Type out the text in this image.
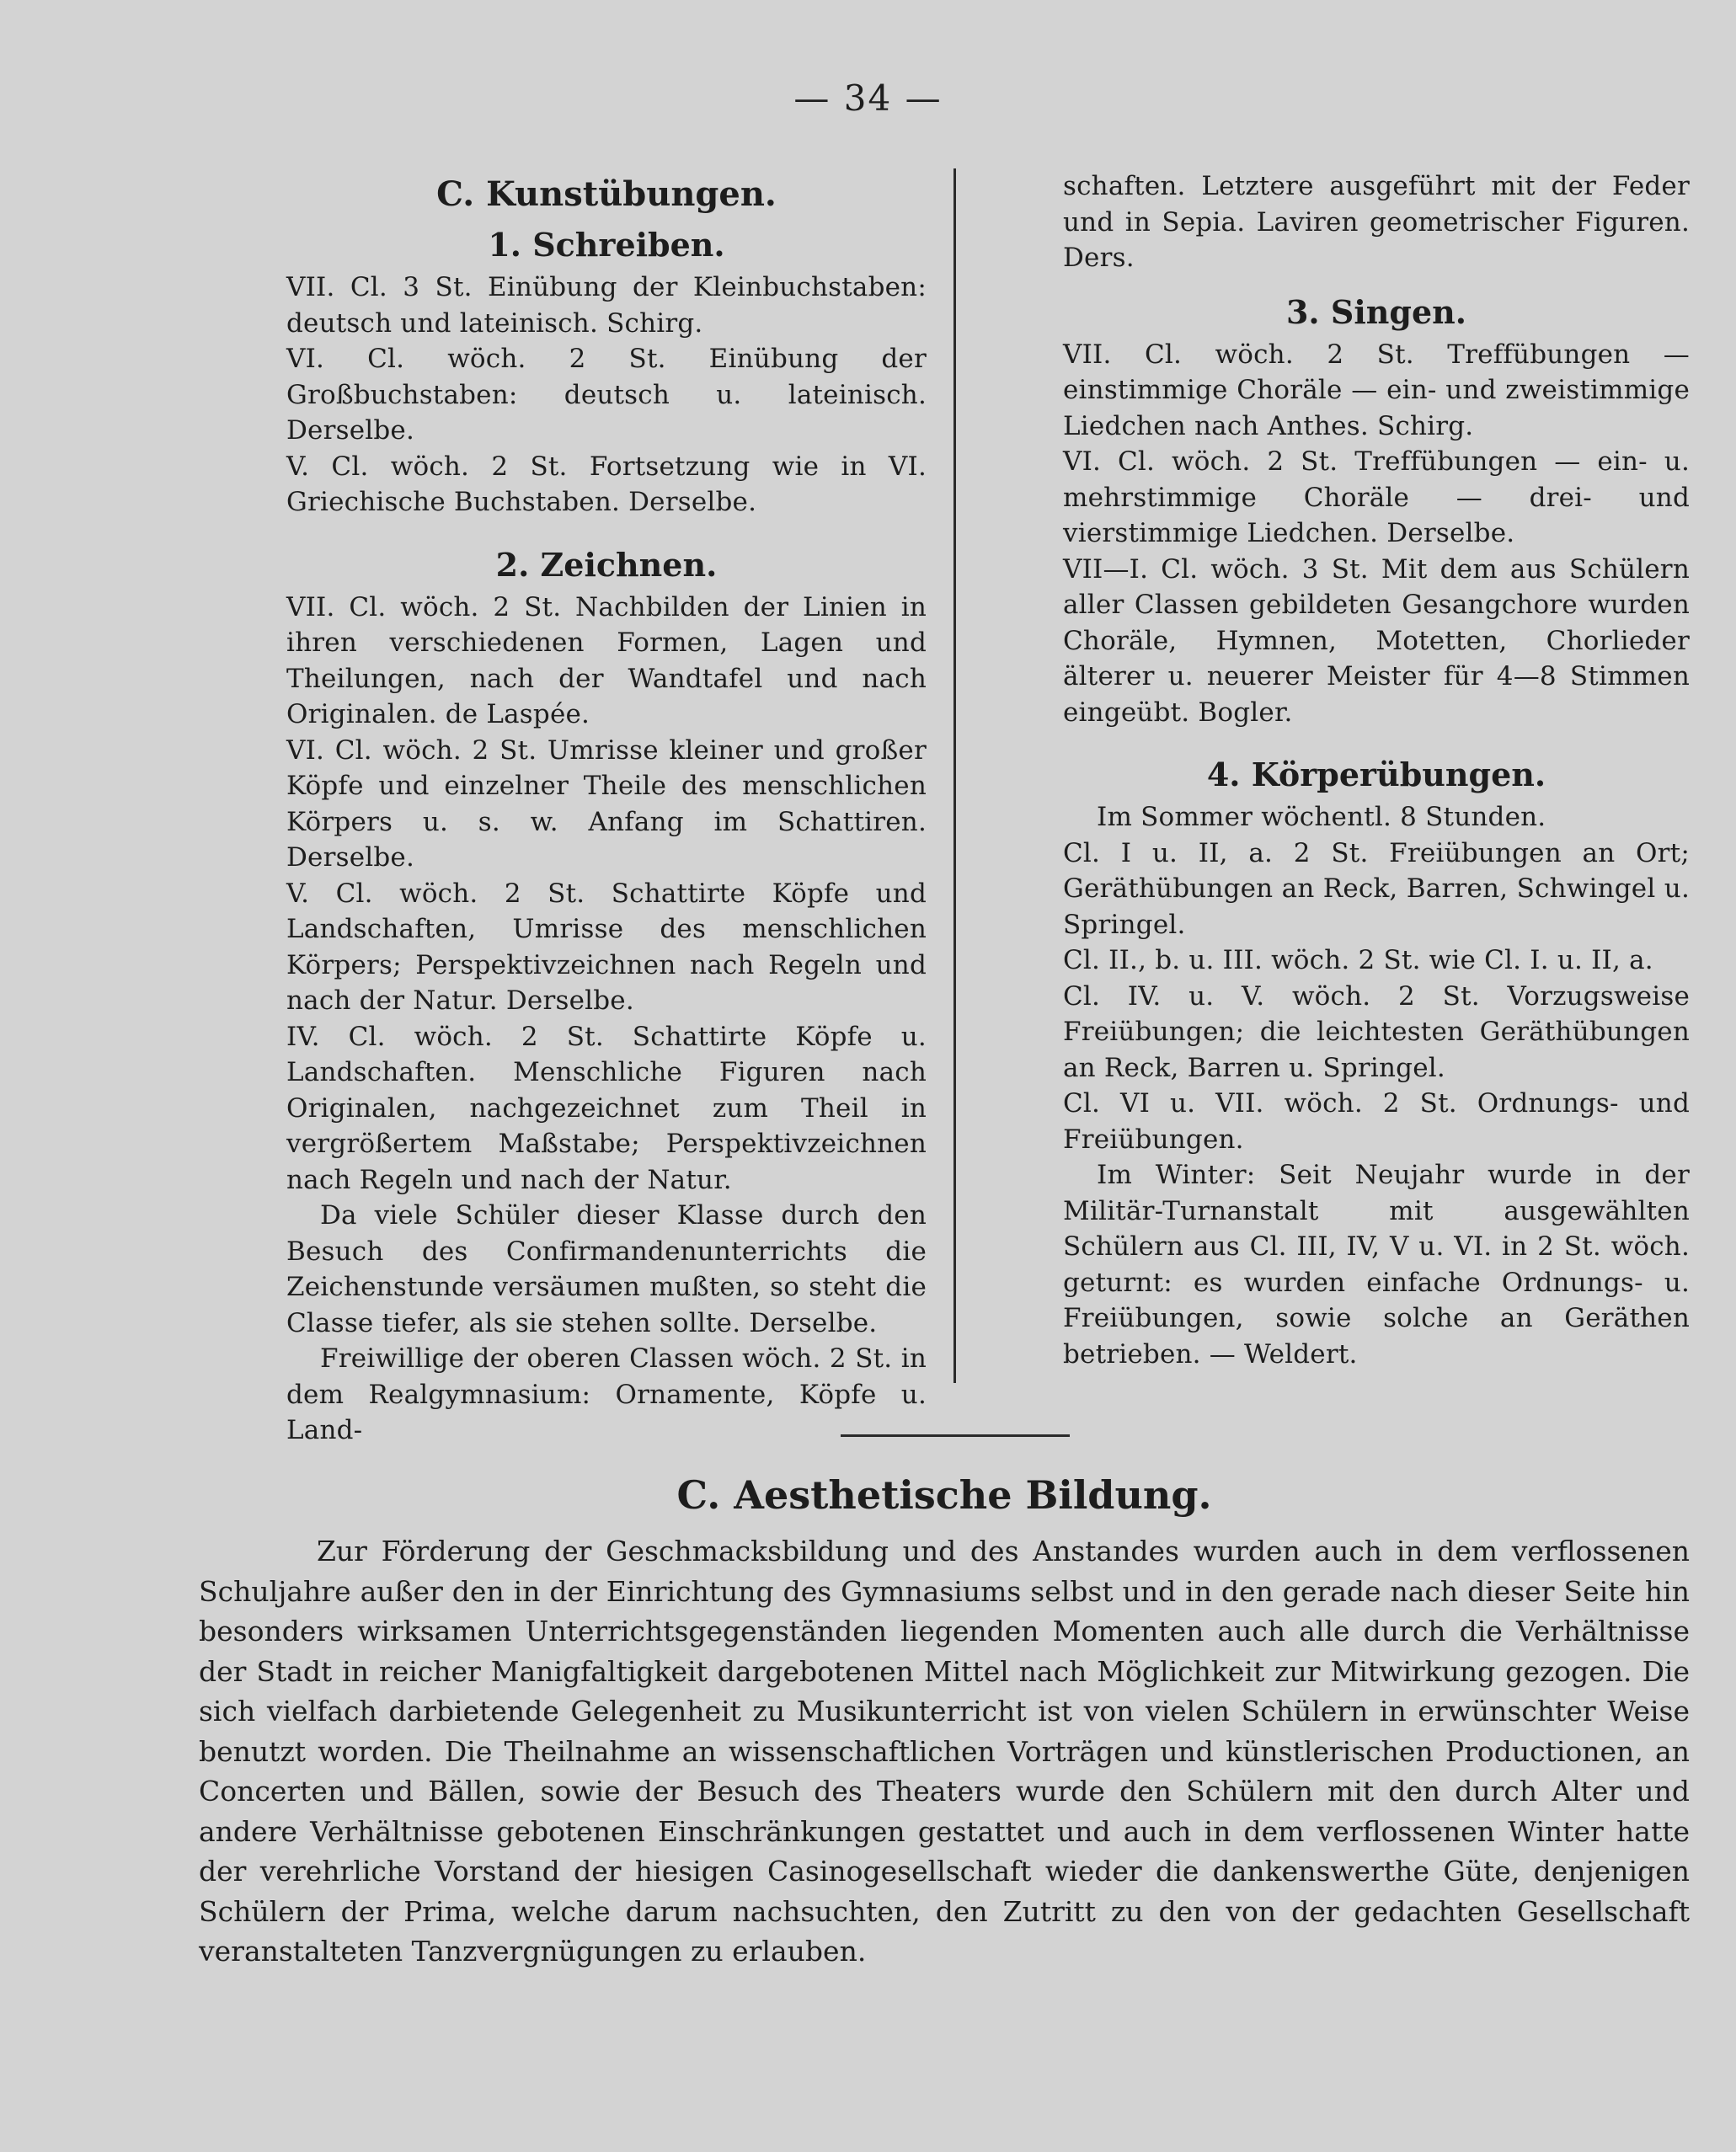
— 34 —

C. Kunstübungen.

1. Schreiben.

VII. Cl. 3 St. Einübung der Kleinbuchstaben: deutsch und lateinisch. Schirg.

VI. Cl. wöch. 2 St. Einübung der Großbuchstaben: deutsch u. lateinisch. Derselbe.

V. Cl. wöch. 2 St. Fortsetzung wie in VI. Griechische Buchstaben. Derselbe.

2. Zeichnen.

VII. Cl. wöch. 2 St. Nachbilden der Linien in ihren verschiedenen Formen, Lagen und Theilungen, nach der Wandtafel und nach Originalen. de Laspée.

VI. Cl. wöch. 2 St. Umrisse kleiner und großer Köpfe und einzelner Theile des menschlichen Körpers u. s. w. Anfang im Schattiren. Derselbe.

V. Cl. wöch. 2 St. Schattirte Köpfe und Landschaften, Umrisse des menschlichen Körpers; Perspektivzeichnen nach Regeln und nach der Natur. Derselbe.

IV. Cl. wöch. 2 St. Schattirte Köpfe u. Landschaften. Menschliche Figuren nach Originalen, nachgezeichnet zum Theil in vergrößertem Maßstabe; Perspektivzeichnen nach Regeln und nach der Natur.

Da viele Schüler dieser Klasse durch den Besuch des Confirmandenunterrichts die Zeichenstunde versäumen mußten, so steht die Classe tiefer, als sie stehen sollte. Derselbe.

Freiwillige der oberen Classen wöch. 2 St. in dem Realgymnasium: Ornamente, Köpfe u. Land-

schaften. Letztere ausgeführt mit der Feder und in Sepia. Laviren geometrischer Figuren. Ders.

3. Singen.

VII. Cl. wöch. 2 St. Treffübungen — einstimmige Choräle — ein- und zweistimmige Liedchen nach Anthes. Schirg.

VI. Cl. wöch. 2 St. Treffübungen — ein- u. mehrstimmige Choräle — drei- und vierstimmige Liedchen. Derselbe.

VII—I. Cl. wöch. 3 St. Mit dem aus Schülern aller Classen gebildeten Gesangchore wurden Choräle, Hymnen, Motetten, Chorlieder älterer u. neuerer Meister für 4—8 Stimmen eingeübt. Bogler.

4. Körperübungen.

Im Sommer wöchentl. 8 Stunden.

Cl. I u. II, a. 2 St. Freiübungen an Ort; Geräthübungen an Reck, Barren, Schwingel u. Springel.

Cl. II., b. u. III. wöch. 2 St. wie Cl. I. u. II, a.

Cl. IV. u. V. wöch. 2 St. Vorzugsweise Freiübungen; die leichtesten Geräthübungen an Reck, Barren u. Springel.

Cl. VI u. VII. wöch. 2 St. Ordnungs- und Freiübungen.

Im Winter: Seit Neujahr wurde in der Militär-Turnanstalt mit ausgewählten Schülern aus Cl. III, IV, V u. VI. in 2 St. wöch. geturnt: es wurden einfache Ordnungs- u. Freiübungen, sowie solche an Geräthen betrieben. — Weldert.

C. Aesthetische Bildung.

Zur Förderung der Geschmacksbildung und des Anstandes wurden auch in dem verflossenen Schuljahre außer den in der Einrichtung des Gymnasiums selbst und in den gerade nach dieser Seite hin besonders wirksamen Unterrichtsgegenständen liegenden Momenten auch alle durch die Verhältnisse der Stadt in reicher Manigfaltigkeit dargebotenen Mittel nach Möglichkeit zur Mitwirkung gezogen. Die sich vielfach darbietende Gelegenheit zu Musikunterricht ist von vielen Schülern in erwünschter Weise benutzt worden. Die Theilnahme an wissenschaftlichen Vorträgen und künstlerischen Productionen, an Concerten und Bällen, sowie der Besuch des Theaters wurde den Schülern mit den durch Alter und andere Verhältnisse gebotenen Einschränkungen gestattet und auch in dem verflossenen Winter hatte der verehrliche Vorstand der hiesigen Casinogesellschaft wieder die dankenswerthe Güte, denjenigen Schülern der Prima, welche darum nachsuchten, den Zutritt zu den von der gedachten Gesellschaft veranstalteten Tanzvergnügungen zu erlauben.
